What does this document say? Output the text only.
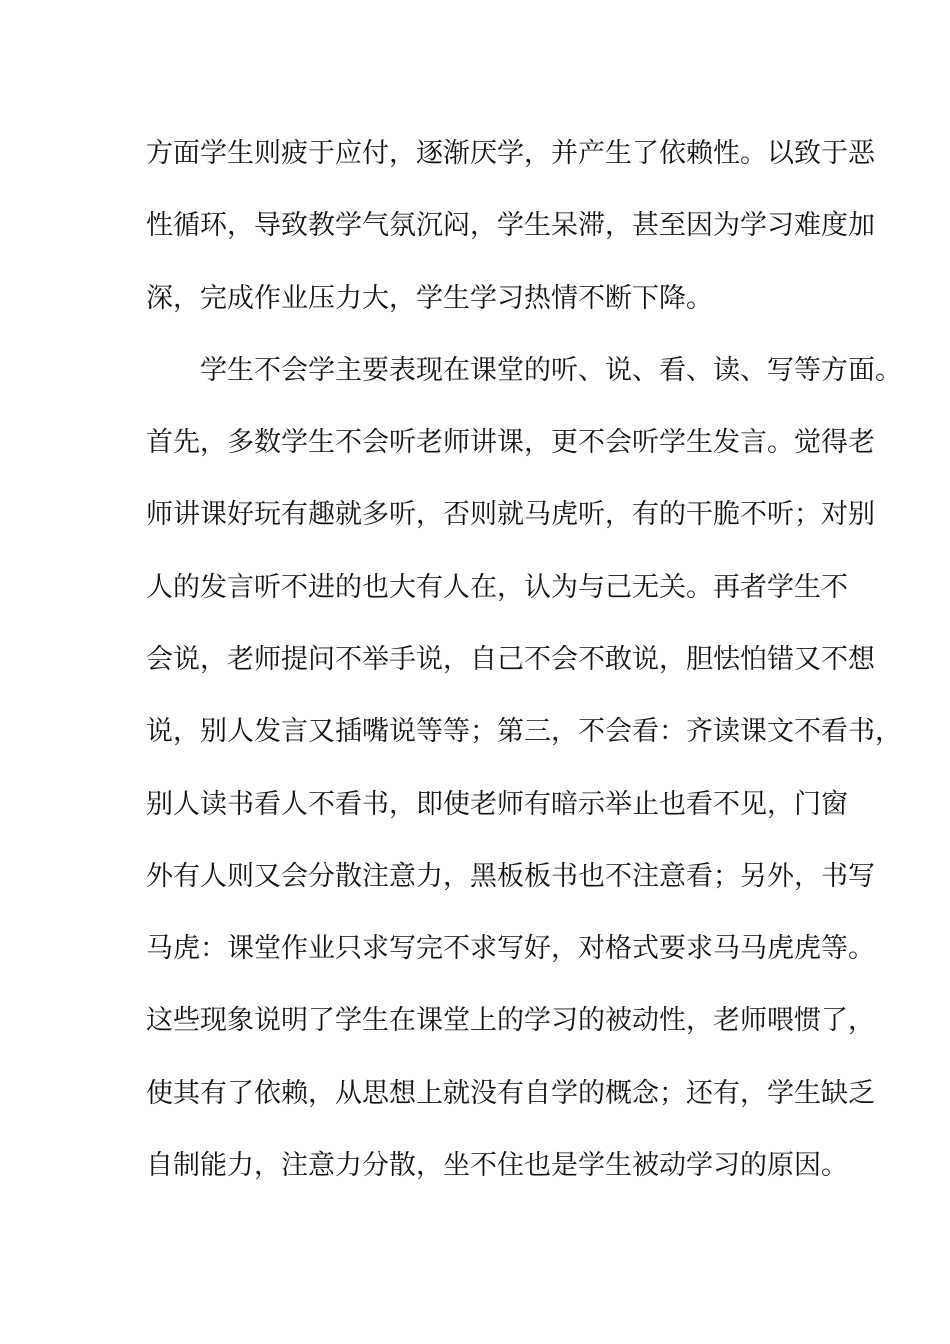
方面学生则疲于应付，逐渐厌学，并产生了依赖性。以致于恶
性循环，导致教学气氛沉闷，学生呆滞，甚至因为学习难度加
深，完成作业压力大，学生学习热情不断下降。
学生不会学主要表现在课堂的听、说、看、读、写等方面。
首先，多数学生不会听老师讲课，更不会听学生发言。觉得老
师讲课好玩有趣就多听，否则就马虎听，有的干脆不听；对别
人的发言听不进的也大有人在，认为与己无关。再者学生不
会说，老师提问不举手说，自己不会不敢说，胆怯怕错又不想
说，别人发言又插嘴说等等；第三，不会看：齐读课文不看书，
别人读书看人不看书，即使老师有暗示举止也看不见，门窗
外有人则又会分散注意力，黑板板书也不注意看；另外，书写
马虎：课堂作业只求写完不求写好，对格式要求马马虎虎等。
这些现象说明了学生在课堂上的学习的被动性，老师喂惯了，
使其有了依赖，从思想上就没有自学的概念；还有，学生缺乏
自制能力，注意力分散，坐不住也是学生被动学习的原因。
